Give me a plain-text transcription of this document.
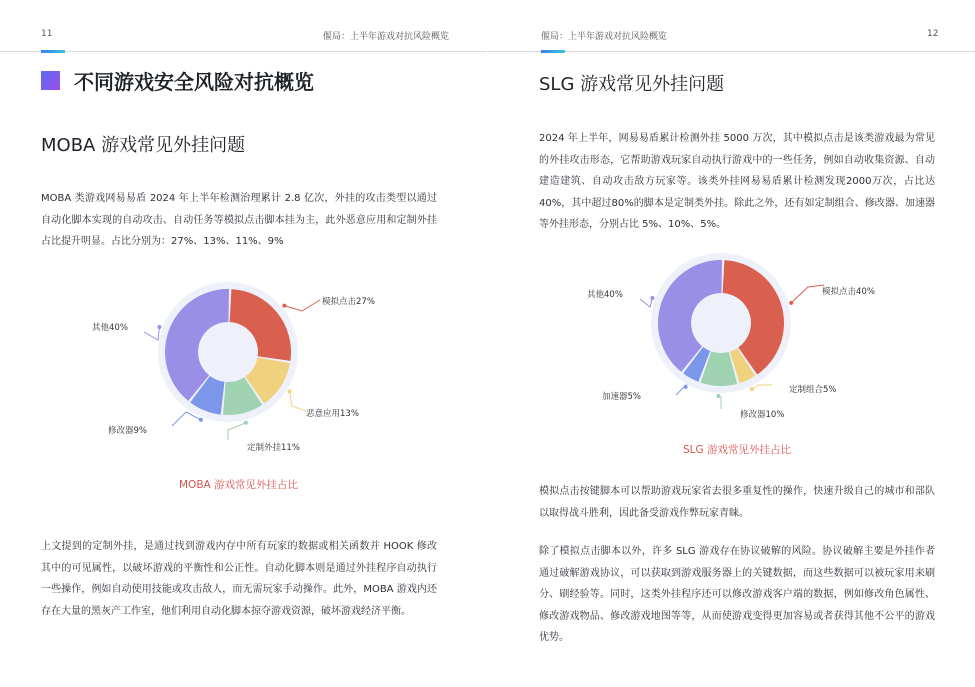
11	偃局：上半年游戏对抗风险概览
不同游戏安全风险对抗概览
MOBA 游戏常见外挂问题
MOBA 类游戏网易易盾 2024 年上半年检测治理累计 2.8 亿次，外挂的攻击类型以通过自动化脚本实现的自动攻击、自动任务等模拟点击脚本挂为主，此外恶意应用和定制外挂占比提升明显。占比分别为：27%、13%、11%、9%
模拟点击27%
恶意应用13%
定制外挂11%
修改器9%
其他40%
MOBA 游戏常见外挂占比
上文提到的定制外挂，是通过找到游戏内存中所有玩家的数据或相关函数并 HOOK 修改其中的可见属性，以破坏游戏的平衡性和公正性。自动化脚本则是通过外挂程序自动执行一些操作，例如自动使用技能或攻击敌人，而无需玩家手动操作。此外，MOBA 游戏内还存在大量的黑灰产工作室，他们利用自动化脚本掠夺游戏资源，破坏游戏经济平衡。
偃局：上半年游戏对抗风险概览	12
SLG 游戏常见外挂问题
2024 年上半年，网易易盾累计检测外挂 5000 万次，其中模拟点击是该类游戏最为常见的外挂攻击形态，它帮助游戏玩家自动执行游戏中的一些任务，例如自动收集资源、自动建造建筑、自动攻击敌方玩家等。该类外挂网易易盾累计检测发现2000万次，占比达 40%，其中超过80%的脚本是定制类外挂。除此之外，还有如定制组合、修改器、加速器等外挂形态，分别占比 5%、10%、5%。
模拟点击40%
定制组合5%
修改器10%
加速器5%
其他40%
SLG 游戏常见外挂占比
模拟点击按键脚本可以帮助游戏玩家省去很多重复性的操作，快速升级自己的城市和部队以取得战斗胜利，因此备受游戏作弊玩家青睐。
除了模拟点击脚本以外，许多 SLG 游戏存在协议破解的风险。协议破解主要是外挂作者通过破解游戏协议，可以获取到游戏服务器上的关键数据，而这些数据可以被玩家用来刷分、刷经验等。同时，这类外挂程序还可以修改游戏客户端的数据，例如修改角色属性、修改游戏物品、修改游戏地图等等，从而使游戏变得更加容易或者获得其他不公平的游戏优势。
